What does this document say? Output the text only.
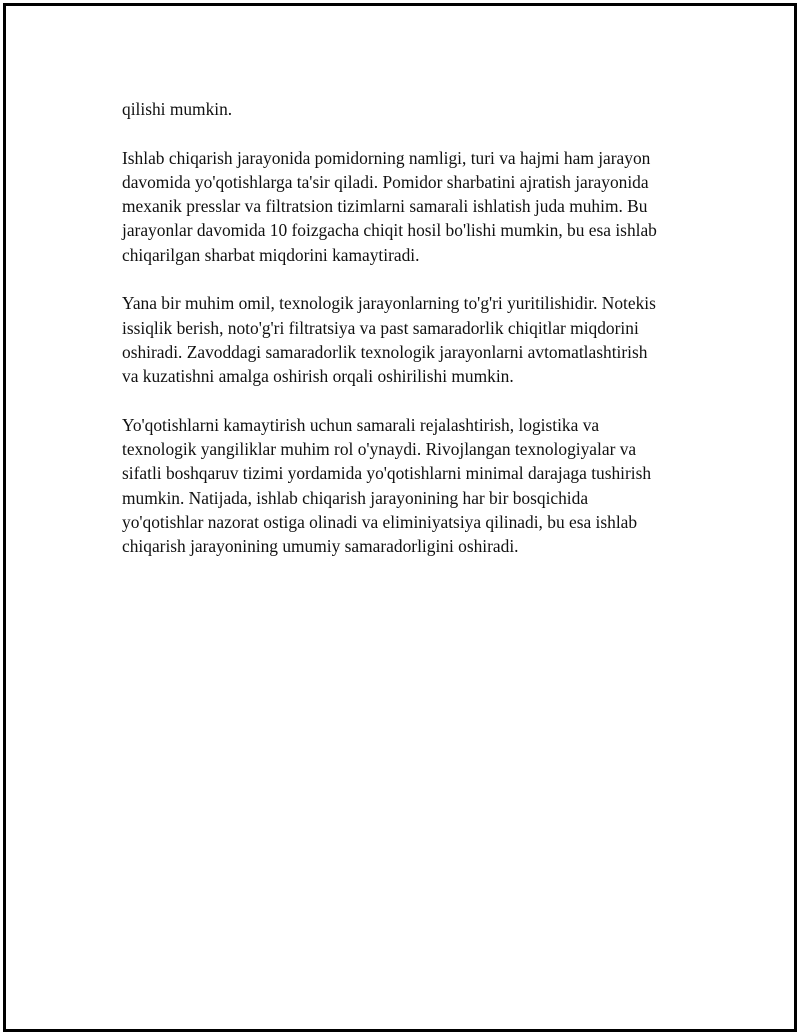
qilishi mumkin.
Ishlab chiqarish jarayonida pomidorning namligi, turi va hajmi ham jarayon
davomida yo'qotishlarga ta'sir qiladi. Pomidor sharbatini ajratish jarayonida
mexanik presslar va filtratsion tizimlarni samarali ishlatish juda muhim. Bu
jarayonlar davomida 10 foizgacha chiqit hosil bo'lishi mumkin, bu esa ishlab
chiqarilgan sharbat miqdorini kamaytiradi.
Yana bir muhim omil, texnologik jarayonlarning to'g'ri yuritilishidir. Notekis
issiqlik berish, noto'g'ri filtratsiya va past samaradorlik chiqitlar miqdorini
oshiradi. Zavoddagi samaradorlik texnologik jarayonlarni avtomatlashtirish
va kuzatishni amalga oshirish orqali oshirilishi mumkin.
Yo'qotishlarni kamaytirish uchun samarali rejalashtirish, logistika va
texnologik yangiliklar muhim rol o'ynaydi. Rivojlangan texnologiyalar va
sifatli boshqaruv tizimi yordamida yo'qotishlarni minimal darajaga tushirish
mumkin. Natijada, ishlab chiqarish jarayonining har bir bosqichida
yo'qotishlar nazorat ostiga olinadi va eliminiyatsiya qilinadi, bu esa ishlab
chiqarish jarayonining umumiy samaradorligini oshiradi.
